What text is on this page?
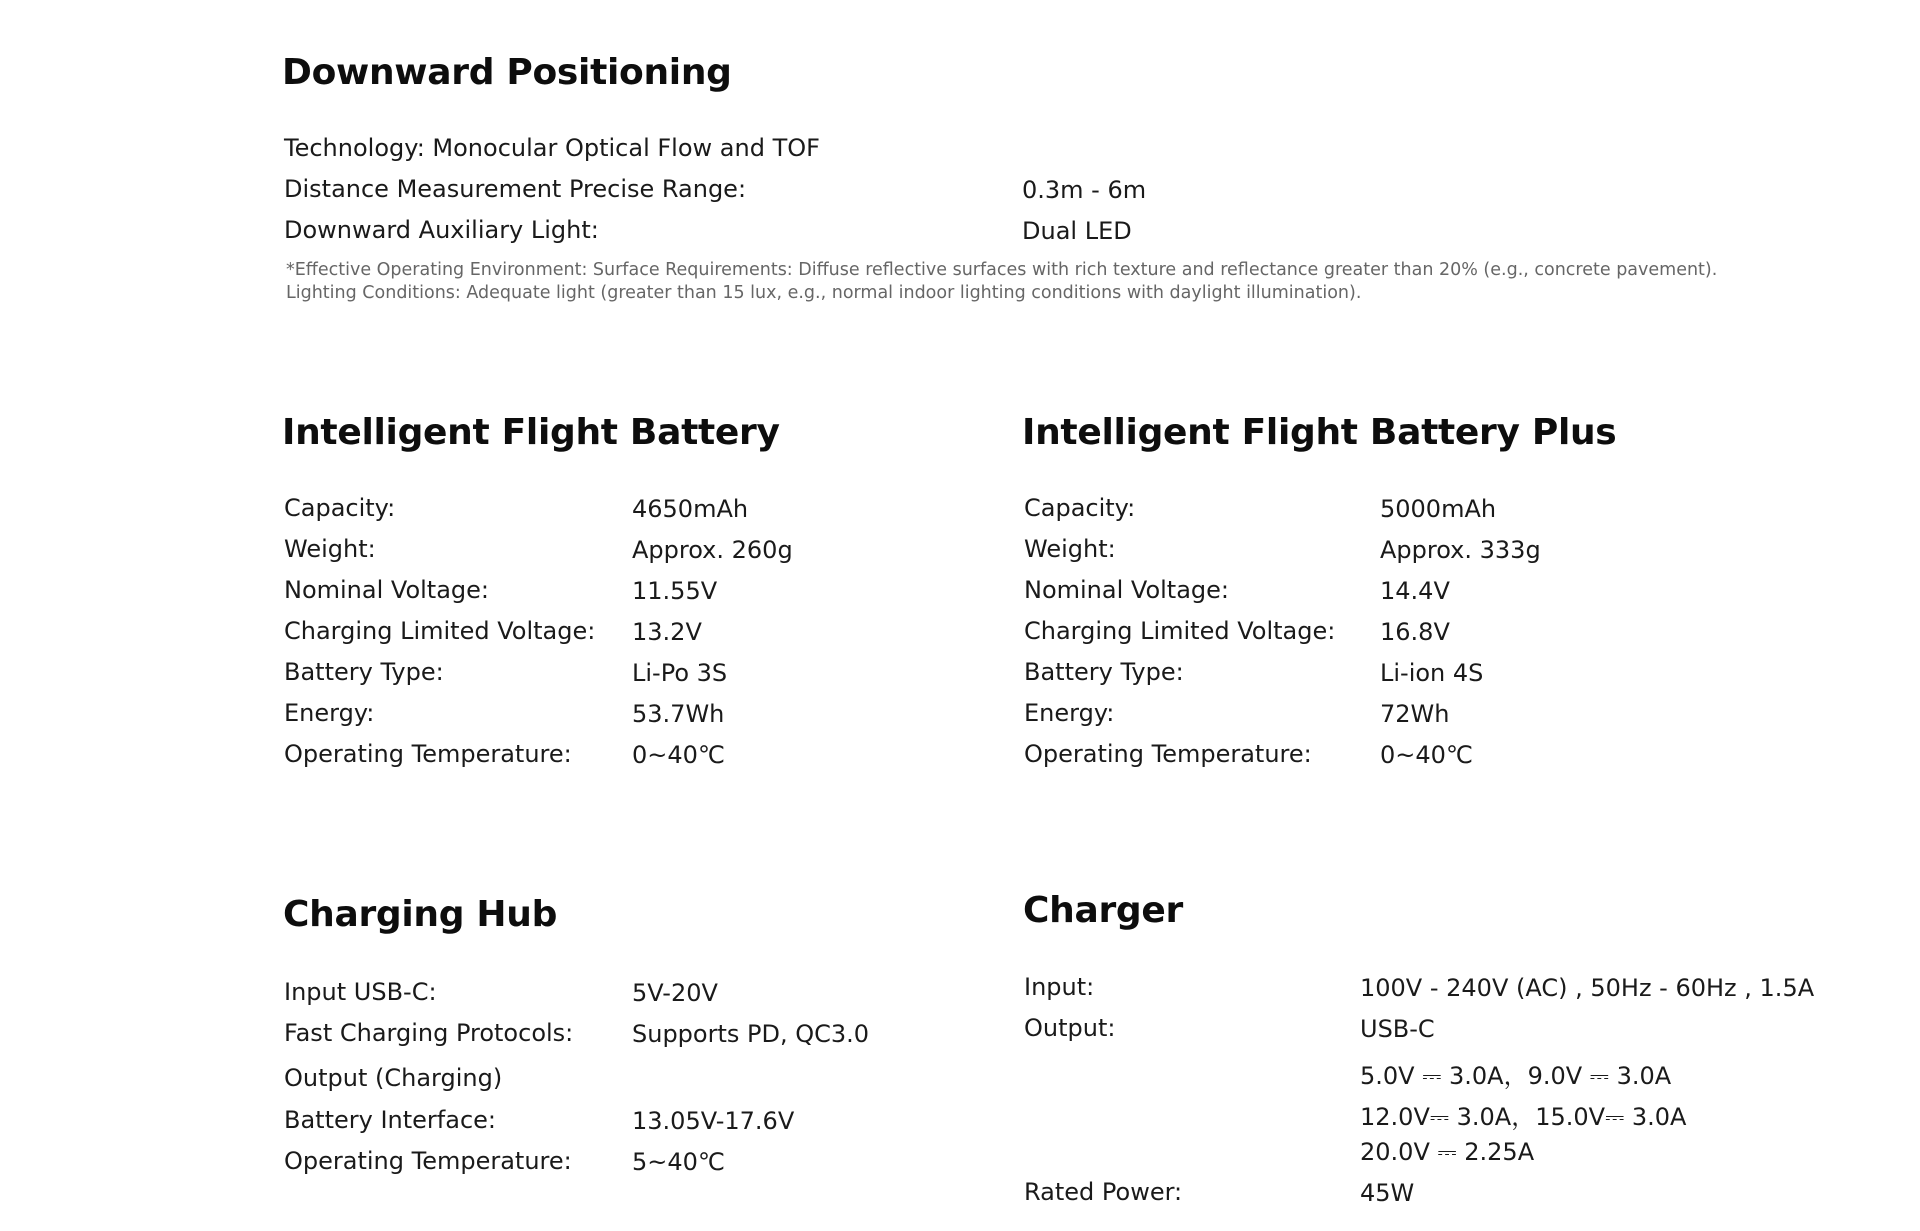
Downward Positioning
Technology: Monocular Optical Flow and TOF
Distance Measurement Precise Range:	0.3m - 6m
Downward Auxiliary Light:	Dual LED
*Effective Operating Environment: Surface Requirements: Diffuse reflective surfaces with rich texture and reflectance greater than 20% (e.g., concrete pavement).
Lighting Conditions: Adequate light (greater than 15 lux, e.g., normal indoor lighting conditions with daylight illumination).
Intelligent Flight Battery
Capacity:	4650mAh
Weight:	Approx. 260g
Nominal Voltage:	11.55V
Charging Limited Voltage: 13.2V
Battery Type:	Li-Po 3S
Energy:	53.7Wh
Operating Temperature:	0~40℃
Intelligent Flight Battery Plus
Capacity:	5000mAh
Weight:	Approx. 333g
Nominal Voltage:	14.4V
Charging Limited Voltage: 16.8V
Battery Type:	Li-ion 4S
Energy:	72Wh
Operating Temperature:	0~40℃
Charging Hub
Input USB-C:	5V-20V
Fast Charging Protocols: Supports PD, QC3.0
Output (Charging)
Battery Interface:	13.05V-17.6V
Operating Temperature:	5~40℃
Charger
Input:	100V - 240V (AC) , 50Hz - 60Hz , 1.5A
Output:	USB-C
5.0V ⎓ 3.0A，9.0V ⎓ 3.0A
12.0V⎓ 3.0A，15.0V⎓ 3.0A
20.0V ⎓ 2.25A
Rated Power:	45W
